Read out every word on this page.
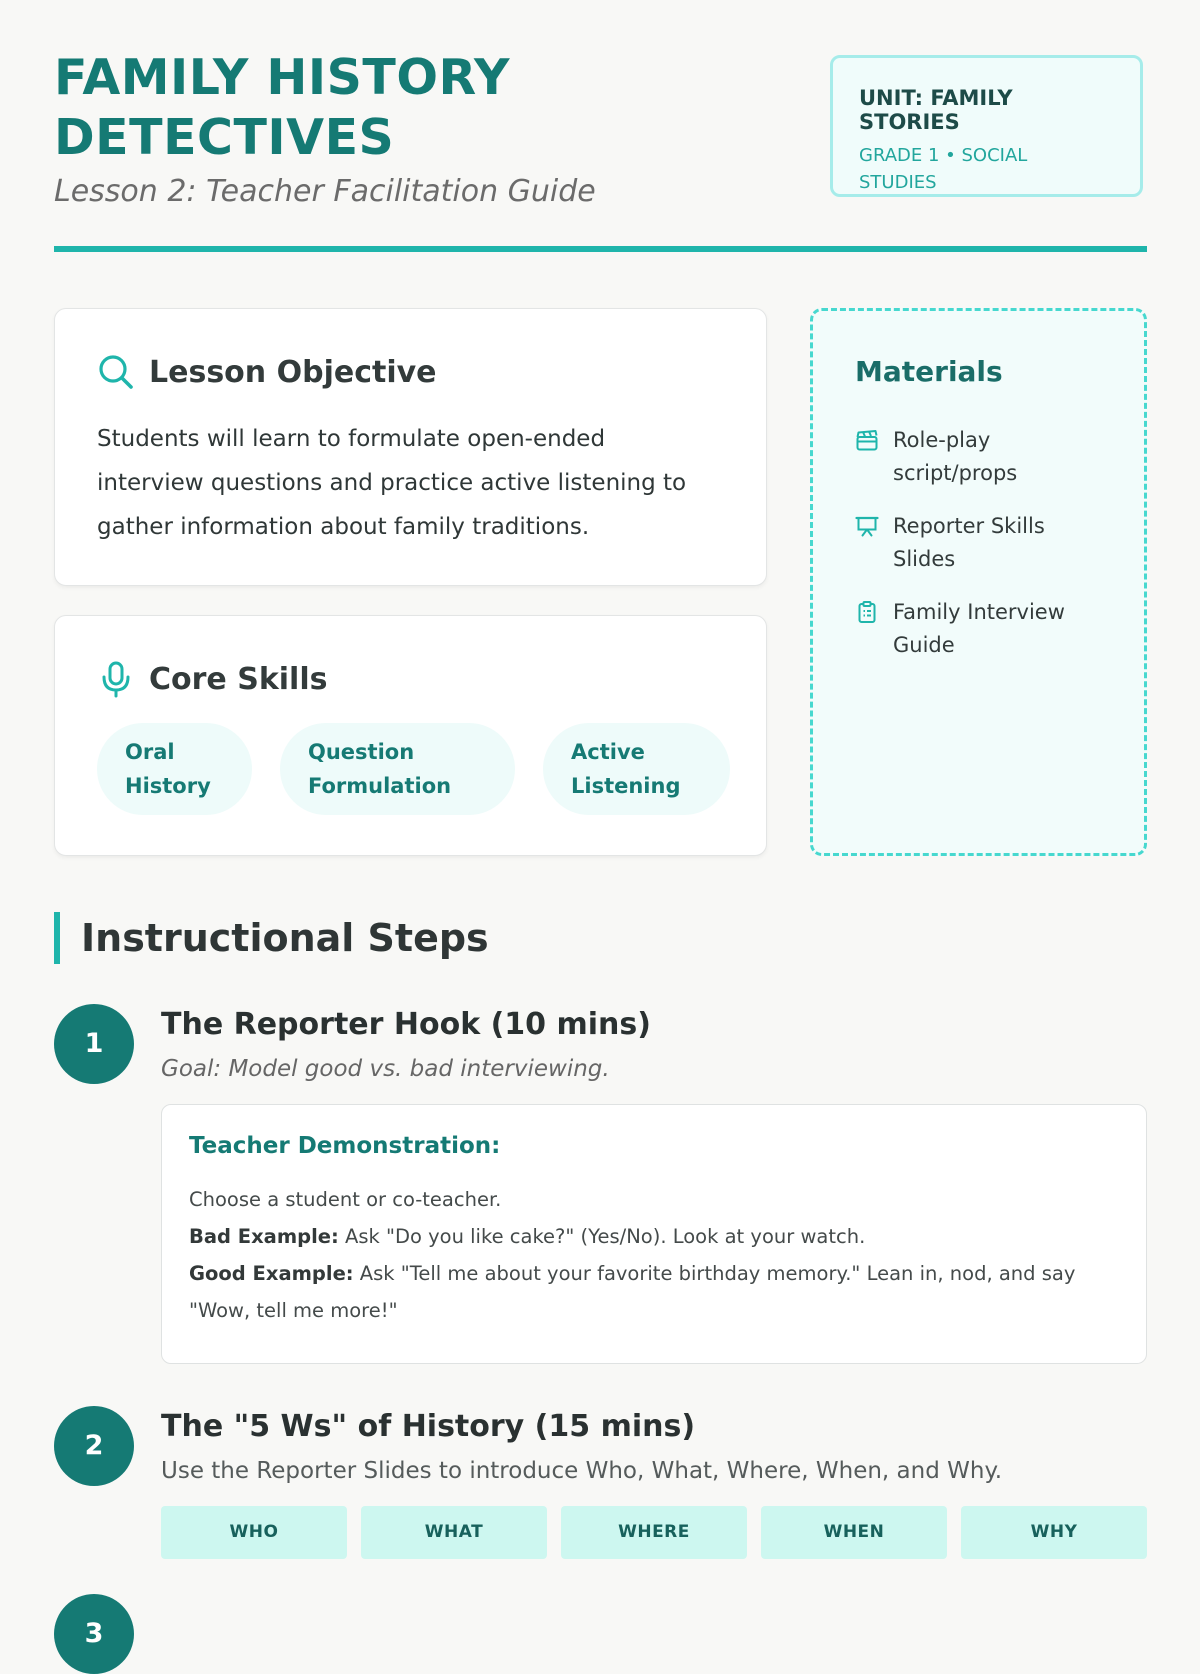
FAMILY HISTORY DETECTIVES

Lesson 2: Teacher Facilitation Guide

UNIT: FAMILY STORIES
GRADE 1 • SOCIAL STUDIES
Lesson Objective

Students will learn to formulate open-ended interview questions and practice active listening to gather information about family traditions.

Core Skills
Oral History
Question Formulation
Active Listening
Materials
Role-play script/props
Reporter Skills Slides
Family Interview Guide
Instructional Steps
1
The Reporter Hook (10 mins)

Goal: Model good vs. bad interviewing.

Teacher Demonstration:
Choose a student or co-teacher.
Bad Example: Ask "Do you like cake?" (Yes/No). Look at your watch.
Good Example: Ask "Tell me about your favorite birthday memory." Lean in, nod, and say "Wow, tell me more!"
2
The "5 Ws" of History (15 mins)

Use the Reporter Slides to introduce Who, What, Where, When, and Why.

WHO	WHAT	WHERE	WHEN	WHY
3
